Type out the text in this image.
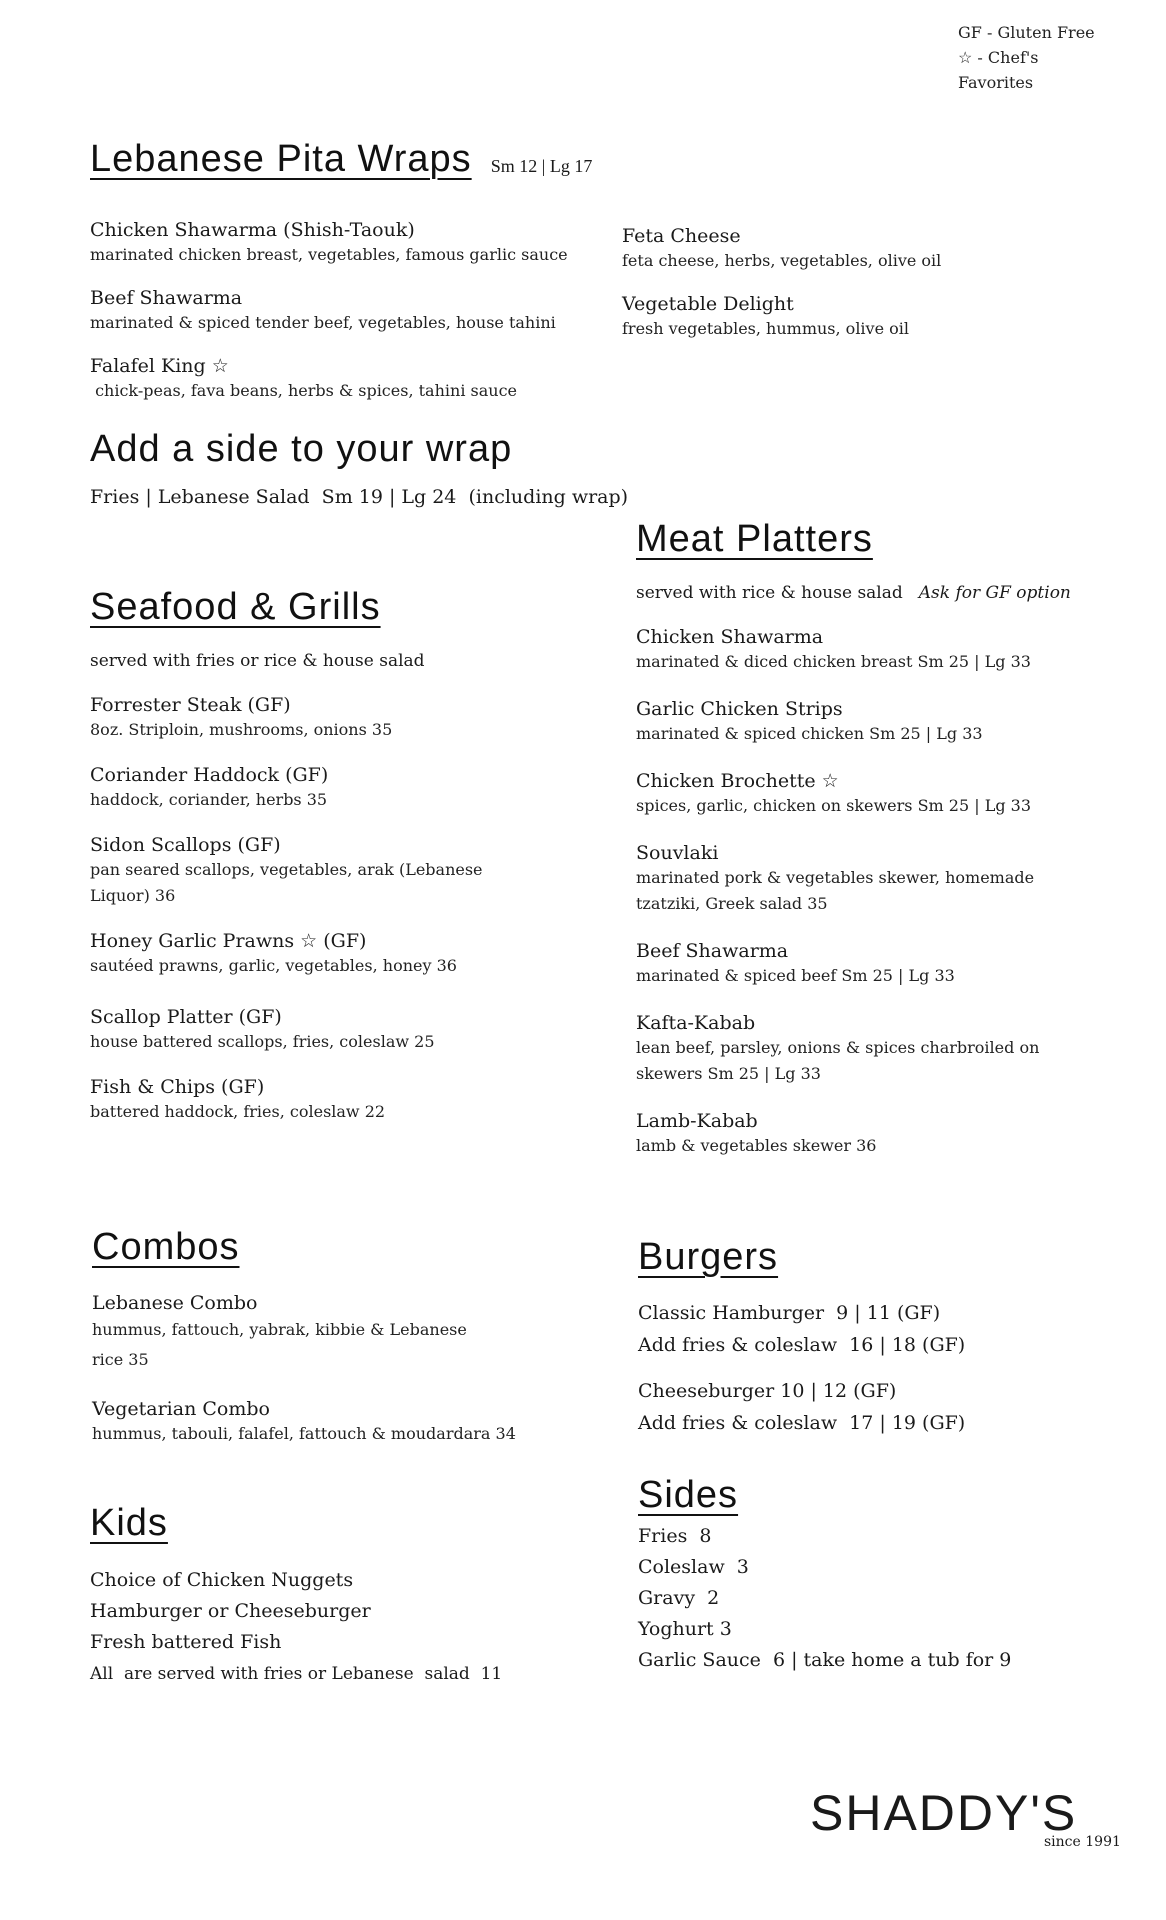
GF - Gluten Free
☆ - Chef's Favorites
Lebanese Pita Wraps Sm 12 | Lg 17
Chicken Shawarma (Shish-Taouk)
marinated chicken breast, vegetables, famous garlic sauce
Beef Shawarma
marinated & spiced tender beef, vegetables, house tahini
Falafel King ☆
chick-peas, fava beans, herbs & spices, tahini sauce
Feta Cheese
feta cheese, herbs, vegetables, olive oil
Vegetable Delight
fresh vegetables, hummus, olive oil
Add a side to your wrap
Fries | Lebanese Salad  Sm 19 | Lg 24  (including wrap)
Meat Platters
served with rice & house salad Ask for GF option
Chicken Shawarma
marinated & diced chicken breast Sm 25 | Lg 33
Garlic Chicken Strips
marinated & spiced chicken Sm 25 | Lg 33
Chicken Brochette ☆
spices, garlic, chicken on skewers Sm 25 | Lg 33
Souvlaki
marinated pork & vegetables skewer, homemade tzatziki, Greek salad 35
Beef Shawarma
marinated & spiced beef Sm 25 | Lg 33
Kafta-Kabab
lean beef, parsley, onions & spices charbroiled on skewers Sm 25 | Lg 33
Lamb-Kabab
lamb & vegetables skewer 36
Seafood & Grills
served with fries or rice & house salad
Forrester Steak (GF)
8oz. Striploin, mushrooms, onions 35
Coriander Haddock (GF)
haddock, coriander, herbs 35
Sidon Scallops (GF)
pan seared scallops, vegetables, arak (Lebanese Liquor) 36
Honey Garlic Prawns ☆ (GF)
sautéed prawns, garlic, vegetables, honey 36
Scallop Platter (GF)
house battered scallops, fries, coleslaw 25
Fish & Chips (GF)
battered haddock, fries, coleslaw 22
Combos
Lebanese Combo
hummus, fattouch, yabrak, kibbie & Lebanese rice 35
Vegetarian Combo
hummus, tabouli, falafel, fattouch & moudardara 34
Burgers
Classic Hamburger  9 | 11 (GF)
Add fries & coleslaw  16 | 18 (GF)
Cheeseburger 10 | 12 (GF)
Add fries & coleslaw  17 | 19 (GF)
Kids
Choice of Chicken Nuggets
Hamburger or Cheeseburger
Fresh battered Fish
All  are served with fries or Lebanese  salad  11
Sides
Fries  8
Coleslaw  3
Gravy  2
Yoghurt 3
Garlic Sauce  6 | take home a tub for 9
SHADDY'S
since 1991
